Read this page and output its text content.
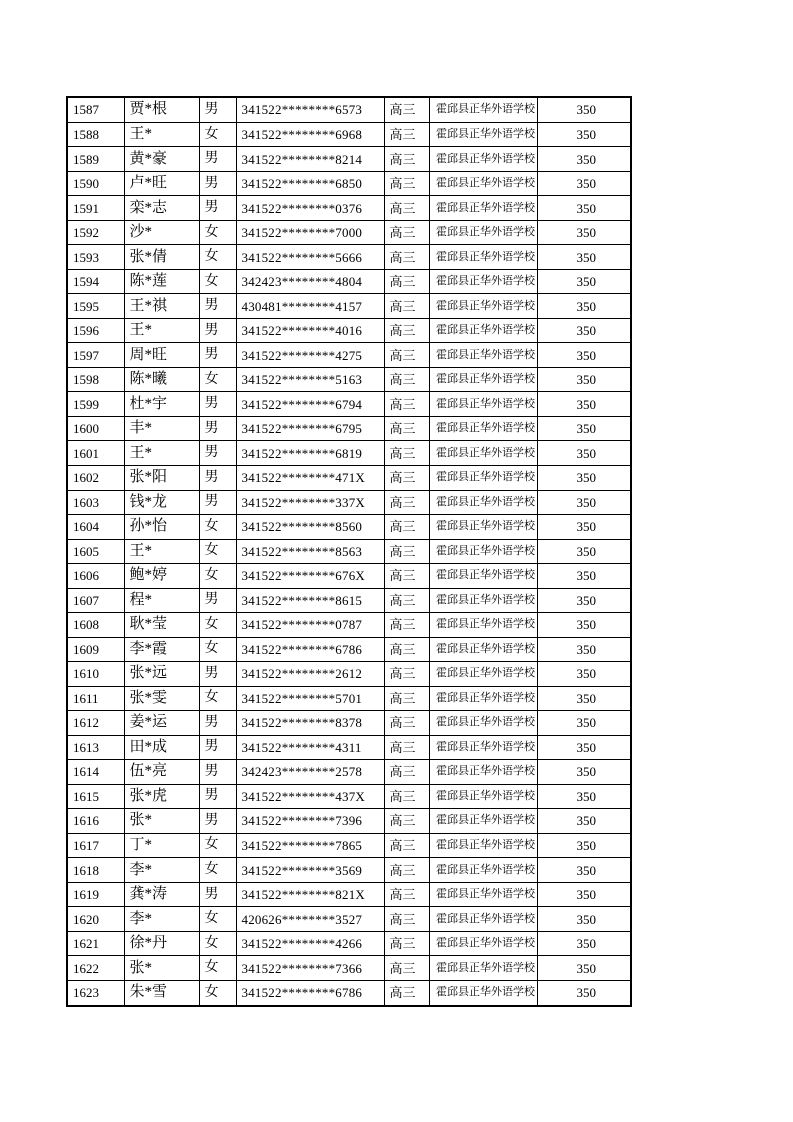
1587	贾*根	男	341522********6573	高三	霍邱县正华外语学校	350
1588	王*	女	341522********6968	高三	霍邱县正华外语学校	350
1589	黄*豪	男	341522********8214	高三	霍邱县正华外语学校	350
1590	卢*旺	男	341522********6850	高三	霍邱县正华外语学校	350
1591	栾*志	男	341522********0376	高三	霍邱县正华外语学校	350
1592	沙*	女	341522********7000	高三	霍邱县正华外语学校	350
1593	张*倩	女	341522********5666	高三	霍邱县正华外语学校	350
1594	陈*莲	女	342423********4804	高三	霍邱县正华外语学校	350
1595	王*祺	男	430481********4157	高三	霍邱县正华外语学校	350
1596	王*	男	341522********4016	高三	霍邱县正华外语学校	350
1597	周*旺	男	341522********4275	高三	霍邱县正华外语学校	350
1598	陈*曦	女	341522********5163	高三	霍邱县正华外语学校	350
1599	杜*宇	男	341522********6794	高三	霍邱县正华外语学校	350
1600	丰*	男	341522********6795	高三	霍邱县正华外语学校	350
1601	王*	男	341522********6819	高三	霍邱县正华外语学校	350
1602	张*阳	男	341522********471X	高三	霍邱县正华外语学校	350
1603	钱*龙	男	341522********337X	高三	霍邱县正华外语学校	350
1604	孙*怡	女	341522********8560	高三	霍邱县正华外语学校	350
1605	王*	女	341522********8563	高三	霍邱县正华外语学校	350
1606	鲍*婷	女	341522********676X	高三	霍邱县正华外语学校	350
1607	程*	男	341522********8615	高三	霍邱县正华外语学校	350
1608	耿*莹	女	341522********0787	高三	霍邱县正华外语学校	350
1609	李*霞	女	341522********6786	高三	霍邱县正华外语学校	350
1610	张*远	男	341522********2612	高三	霍邱县正华外语学校	350
1611	张*雯	女	341522********5701	高三	霍邱县正华外语学校	350
1612	姜*运	男	341522********8378	高三	霍邱县正华外语学校	350
1613	田*成	男	341522********4311	高三	霍邱县正华外语学校	350
1614	伍*亮	男	342423********2578	高三	霍邱县正华外语学校	350
1615	张*虎	男	341522********437X	高三	霍邱县正华外语学校	350
1616	张*	男	341522********7396	高三	霍邱县正华外语学校	350
1617	丁*	女	341522********7865	高三	霍邱县正华外语学校	350
1618	李*	女	341522********3569	高三	霍邱县正华外语学校	350
1619	龚*涛	男	341522********821X	高三	霍邱县正华外语学校	350
1620	李*	女	420626********3527	高三	霍邱县正华外语学校	350
1621	徐*丹	女	341522********4266	高三	霍邱县正华外语学校	350
1622	张*	女	341522********7366	高三	霍邱县正华外语学校	350
1623	朱*雪	女	341522********6786	高三	霍邱县正华外语学校	350
